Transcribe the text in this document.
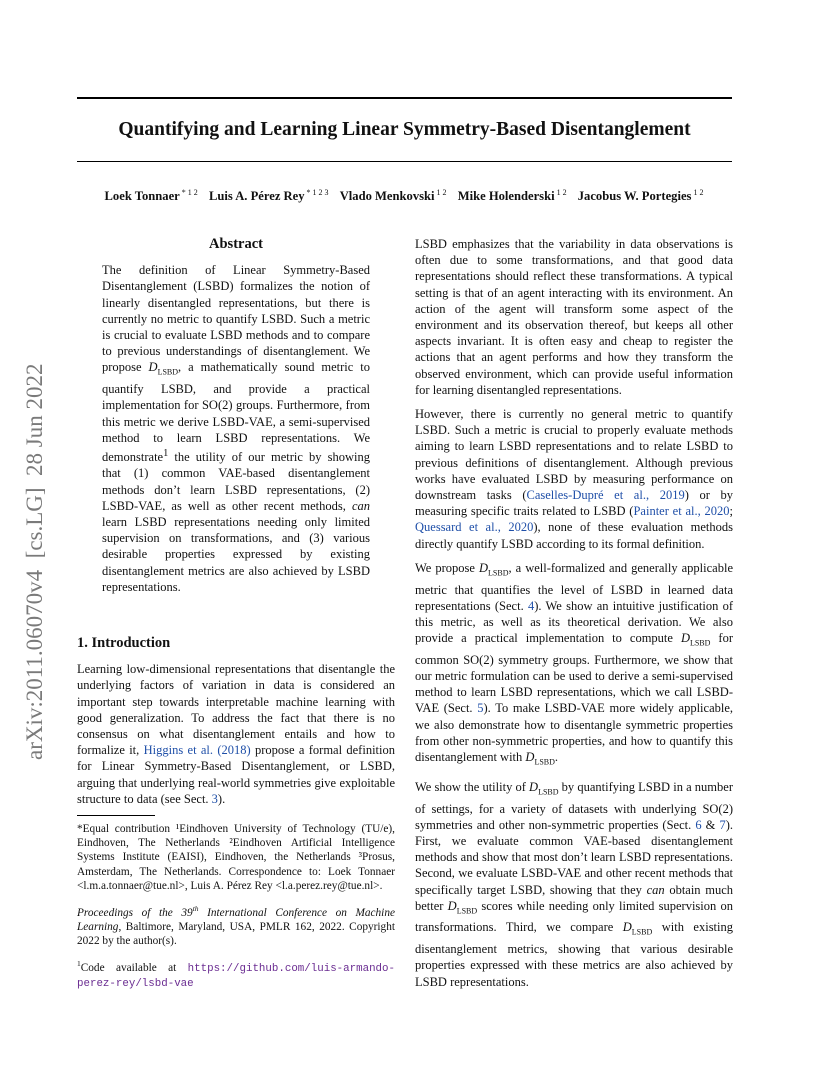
arXiv:2011.06070v4  [cs.LG]  28 Jun 2022
Quantifying and Learning Linear Symmetry-Based Disentanglement
Loek Tonnaer $^{* 1 2}$ Luis A. Pérez Rey $^{* 1 2 3}$ Vlado Menkovski $^{1 2}$ Mike Holenderski $^{1 2}$ Jacobus W. Portegies $^{1 2}$
Abstract

The definition of Linear Symmetry-Based Disentanglement (LSBD) formalizes the notion of linearly disentangled representations, but there is currently no metric to quantify LSBD. Such a metric is crucial to evaluate LSBD methods and to compare to previous understandings of disentanglement. We propose $D_{LSBD}$, a mathematically sound metric to quantify LSBD, and provide a practical implementation for SO(2) groups. Furthermore, from this metric we derive LSBD-VAE, a semi-supervised method to learn LSBD representations. We demonstrate$^1$ the utility of our metric by showing that (1) common VAE-based disentanglement methods don’t learn LSBD representations, (2) LSBD-VAE, as well as other recent methods, can learn LSBD representations needing only limited supervision on transformations, and (3) various desirable properties expressed by existing disentanglement metrics are also achieved by LSBD representations.

1. Introduction

Learning low-dimensional representations that disentangle the underlying factors of variation in data is considered an important step towards interpretable machine learning with good generalization. To address the fact that there is no consensus on what disentanglement entails and how to formalize it, Higgins et al. (2018) propose a formal definition for Linear Symmetry-Based Disentanglement, or LSBD, arguing that underlying real-world symmetries give exploitable structure to data (see Sect. 3).

*Equal contribution ¹Eindhoven University of Technology (TU/e), Eindhoven, The Netherlands ²Eindhoven Artificial Intelligence Systems Institute (EAISI), Eindhoven, the Netherlands ³Prosus, Amsterdam, The Netherlands. Correspondence to: Loek Tonnaer <l.m.a.tonnaer@tue.nl>, Luis A. Pérez Rey <l.a.perez.rey@tue.nl>.

Proceedings of the 39th International Conference on Machine Learning, Baltimore, Maryland, USA, PMLR 162, 2022. Copyright 2022 by the author(s).

$^1$Code available at https://github.com/luis-armando-perez-rey/lsbd-vae

LSBD emphasizes that the variability in data observations is often due to some transformations, and that good data representations should reflect these transformations. A typical setting is that of an agent interacting with its environment. An action of the agent will transform some aspect of the environment and its observation thereof, but keeps all other aspects invariant. It is often easy and cheap to register the actions that an agent performs and how they transform the observed environment, which can provide useful information for learning disentangled representations.

However, there is currently no general metric to quantify LSBD. Such a metric is crucial to properly evaluate methods aiming to learn LSBD representations and to relate LSBD to previous definitions of disentanglement. Although previous works have evaluated LSBD by measuring performance on downstream tasks (Caselles-Dupré et al., 2019) or by measuring specific traits related to LSBD (Painter et al., 2020; Quessard et al., 2020), none of these evaluation methods directly quantify LSBD according to its formal definition.

We propose $D_{LSBD}$, a well-formalized and generally applicable metric that quantifies the level of LSBD in learned data representations (Sect. 4). We show an intuitive justification of this metric, as well as its theoretical derivation. We also provide a practical implementation to compute $D_{LSBD}$ for common SO(2) symmetry groups. Furthermore, we show that our metric formulation can be used to derive a semi-supervised method to learn LSBD representations, which we call LSBD-VAE (Sect. 5). To make LSBD-VAE more widely applicable, we also demonstrate how to disentangle symmetric properties from other non-symmetric properties, and how to quantify this disentanglement with $D_{LSBD}$.

We show the utility of $D_{LSBD}$ by quantifying LSBD in a number of settings, for a variety of datasets with underlying SO(2) symmetries and other non-symmetric properties (Sect. 6 & 7). First, we evaluate common VAE-based disentanglement methods and show that most don’t learn LSBD representations. Second, we evaluate LSBD-VAE and other recent methods that specifically target LSBD, showing that they can obtain much better $D_{LSBD}$ scores while needing only limited supervision on transformations. Third, we compare $D_{LSBD}$ with existing disentanglement metrics, showing that various desirable properties expressed with these metrics are also achieved by LSBD representations.
